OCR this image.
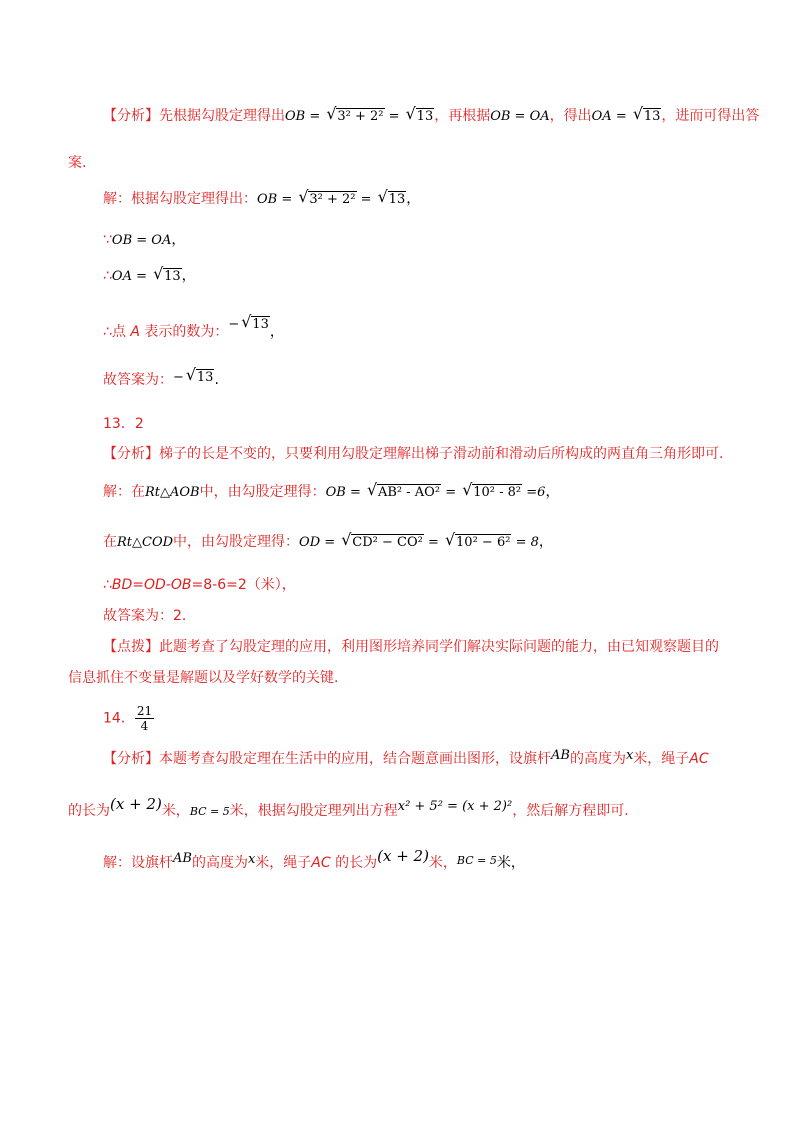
【分析】先根据勾股定理得出OB = √ 3² + 2² = √ 13，再根据OB = OA，得出OA = √ 13，进而可得出答
案.
解：根据勾股定理得出：OB = √ 3² + 2² = √ 13，
∵OB = OA，
∴OA = √ 13，
∴点 A 表示的数为：− √ 13，
故答案为：− √ 13.
13．2
【分析】梯子的长是不变的，只要利用勾股定理解出梯子滑动前和滑动后所构成的两直角三角形即可.
解：在Rt△AOB中，由勾股定理得：OB = √ AB² - AO² = √ 10² - 8² =6，
在Rt△COD中，由勾股定理得：OD = √ CD² − CO² = √ 10² − 6² = 8，
∴BD=OD-OB=8-6=2（米），
故答案为：2.
【点拨】此题考查了勾股定理的应用，利用图形培养同学们解决实际问题的能力，由已知观察题目的
信息抓住不变量是解题以及学好数学的关键.
14． $\frac{21}{4}$
【分析】本题考查勾股定理在生活中的应用，结合题意画出图形，设旗杆AB的高度为x米，绳子AC
的长为(x + 2)米，BC = 5米，根据勾股定理列出方程x² + 5² = (x + 2)²，然后解方程即可.
解：设旗杆AB的高度为x米，绳子AC 的长为(x + 2)米，$^{BC = 5}$米，
